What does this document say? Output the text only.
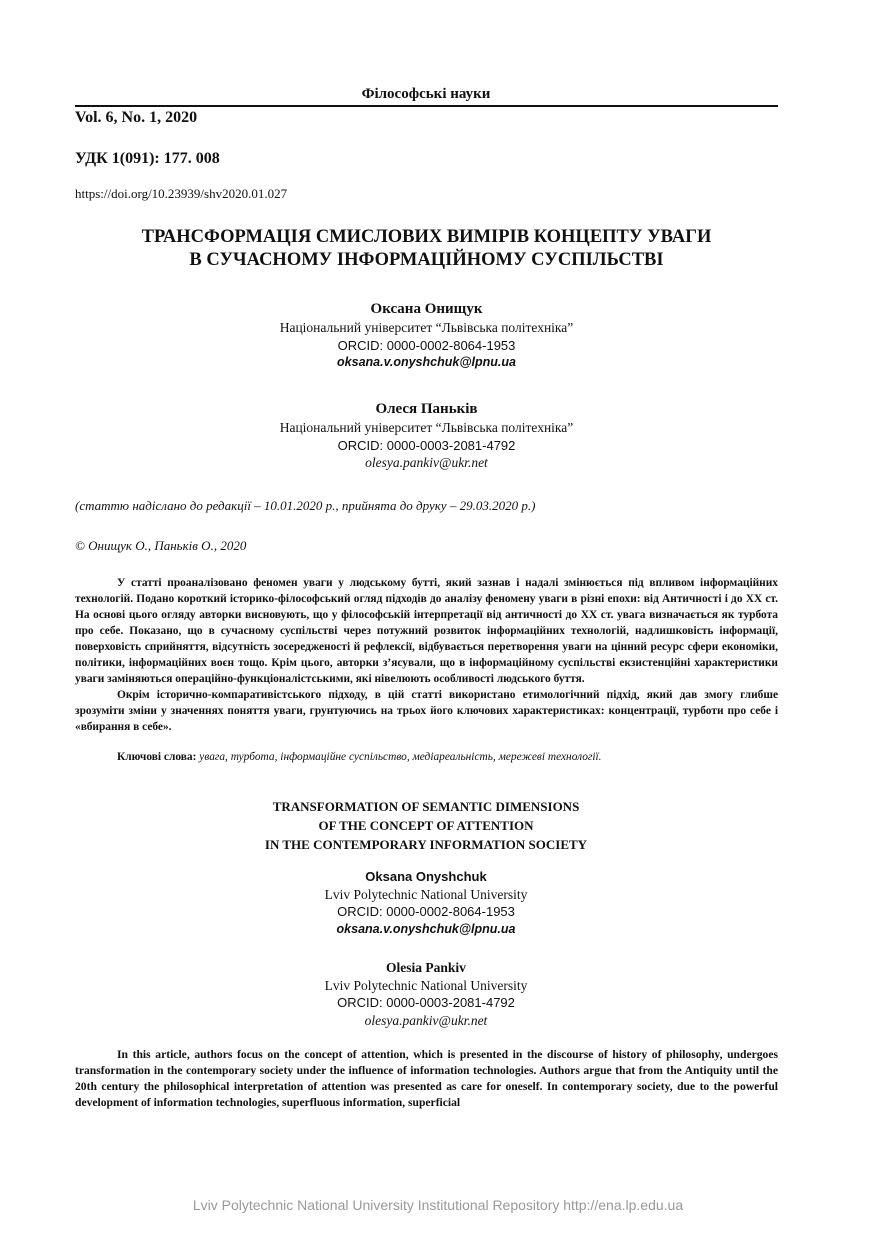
Філософські науки
Vol. 6, No. 1, 2020
УДК 1(091): 177. 008
https://doi.org/10.23939/shv2020.01.027
ТРАНСФОРМАЦІЯ СМИСЛОВИХ ВИМІРІВ КОНЦЕПТУ УВАГИ
В СУЧАСНОМУ ІНФОРМАЦІЙНОМУ СУСПІЛЬСТВІ
Оксана Онищук
Національний університет “Львівська політехніка”
ORCID: 0000-0002-8064-1953
oksana.v.onyshchuk@lpnu.ua
Олеся Паньків
Національний університет “Львівська політехніка”
ORCID: 0000-0003-2081-4792
olesya.pankiv@ukr.net
(статтю надіслано до редакції – 10.01.2020 р., прийнята до друку – 29.03.2020 р.)
© Онищук О., Паньків О., 2020

У статті проаналізовано феномен уваги у людському бутті, який зазнав і надалі змінюється під впливом інформаційних технологій. Подано короткий історико-філософський огляд підходів до аналізу феномену уваги в різні епохи: від Античності і до XX ст. На основі цього огляду авторки висновують, що у філософській інтерпретації від античності до XX ст. увага визначається як турбота про себе. Показано, що в сучасному суспільстві через потужний розвиток інформаційних технологій, надлишковість інформації, поверховість сприйняття, відсутність зосередженості й рефлексії, відбувається перетворення уваги на цінний ресурс сфери економіки, політики, інформаційних воєн тощо. Крім цього, авторки з’ясували, що в інформаційному суспільстві екзистенційні характеристики уваги заміняються операційно-функціоналістськими, які нівелюють особливості людського буття.

Окрім історично-компаративістського підходу, в цій статті використано етимологічний підхід, який дав змогу глибше зрозуміти зміни у значеннях поняття уваги, грунтуючись на трьох його ключових характеристиках: концентрації, турботи про себе і «вбирання в себе».

Ключові слова: увага, турбота, інформаційне суспільство, медіареальність, мережеві технології.
TRANSFORMATION OF SEMANTIC DIMENSIONS
OF THE CONCEPT OF ATTENTION
IN THE CONTEMPORARY INFORMATION SOCIETY
Oksana Onyshchuk
Lviv Polytechnic National University
ORCID: 0000-0002-8064-1953
oksana.v.onyshchuk@lpnu.ua
Olesia Pankiv
Lviv Polytechnic National University
ORCID: 0000-0003-2081-4792
olesya.pankiv@ukr.net
In this article, authors focus on the concept of attention, which is presented in the discourse of history of philosophy, undergoes transformation in the contemporary society under the influence of information technologies. Authors argue that from the Antiquity until the 20th century the philosophical interpretation of attention was presented as care for oneself. In contemporary society, due to the powerful development of information technologies, superfluous information, superficial
Lviv Polytechnic National University Institutional Repository http://ena.lp.edu.ua
